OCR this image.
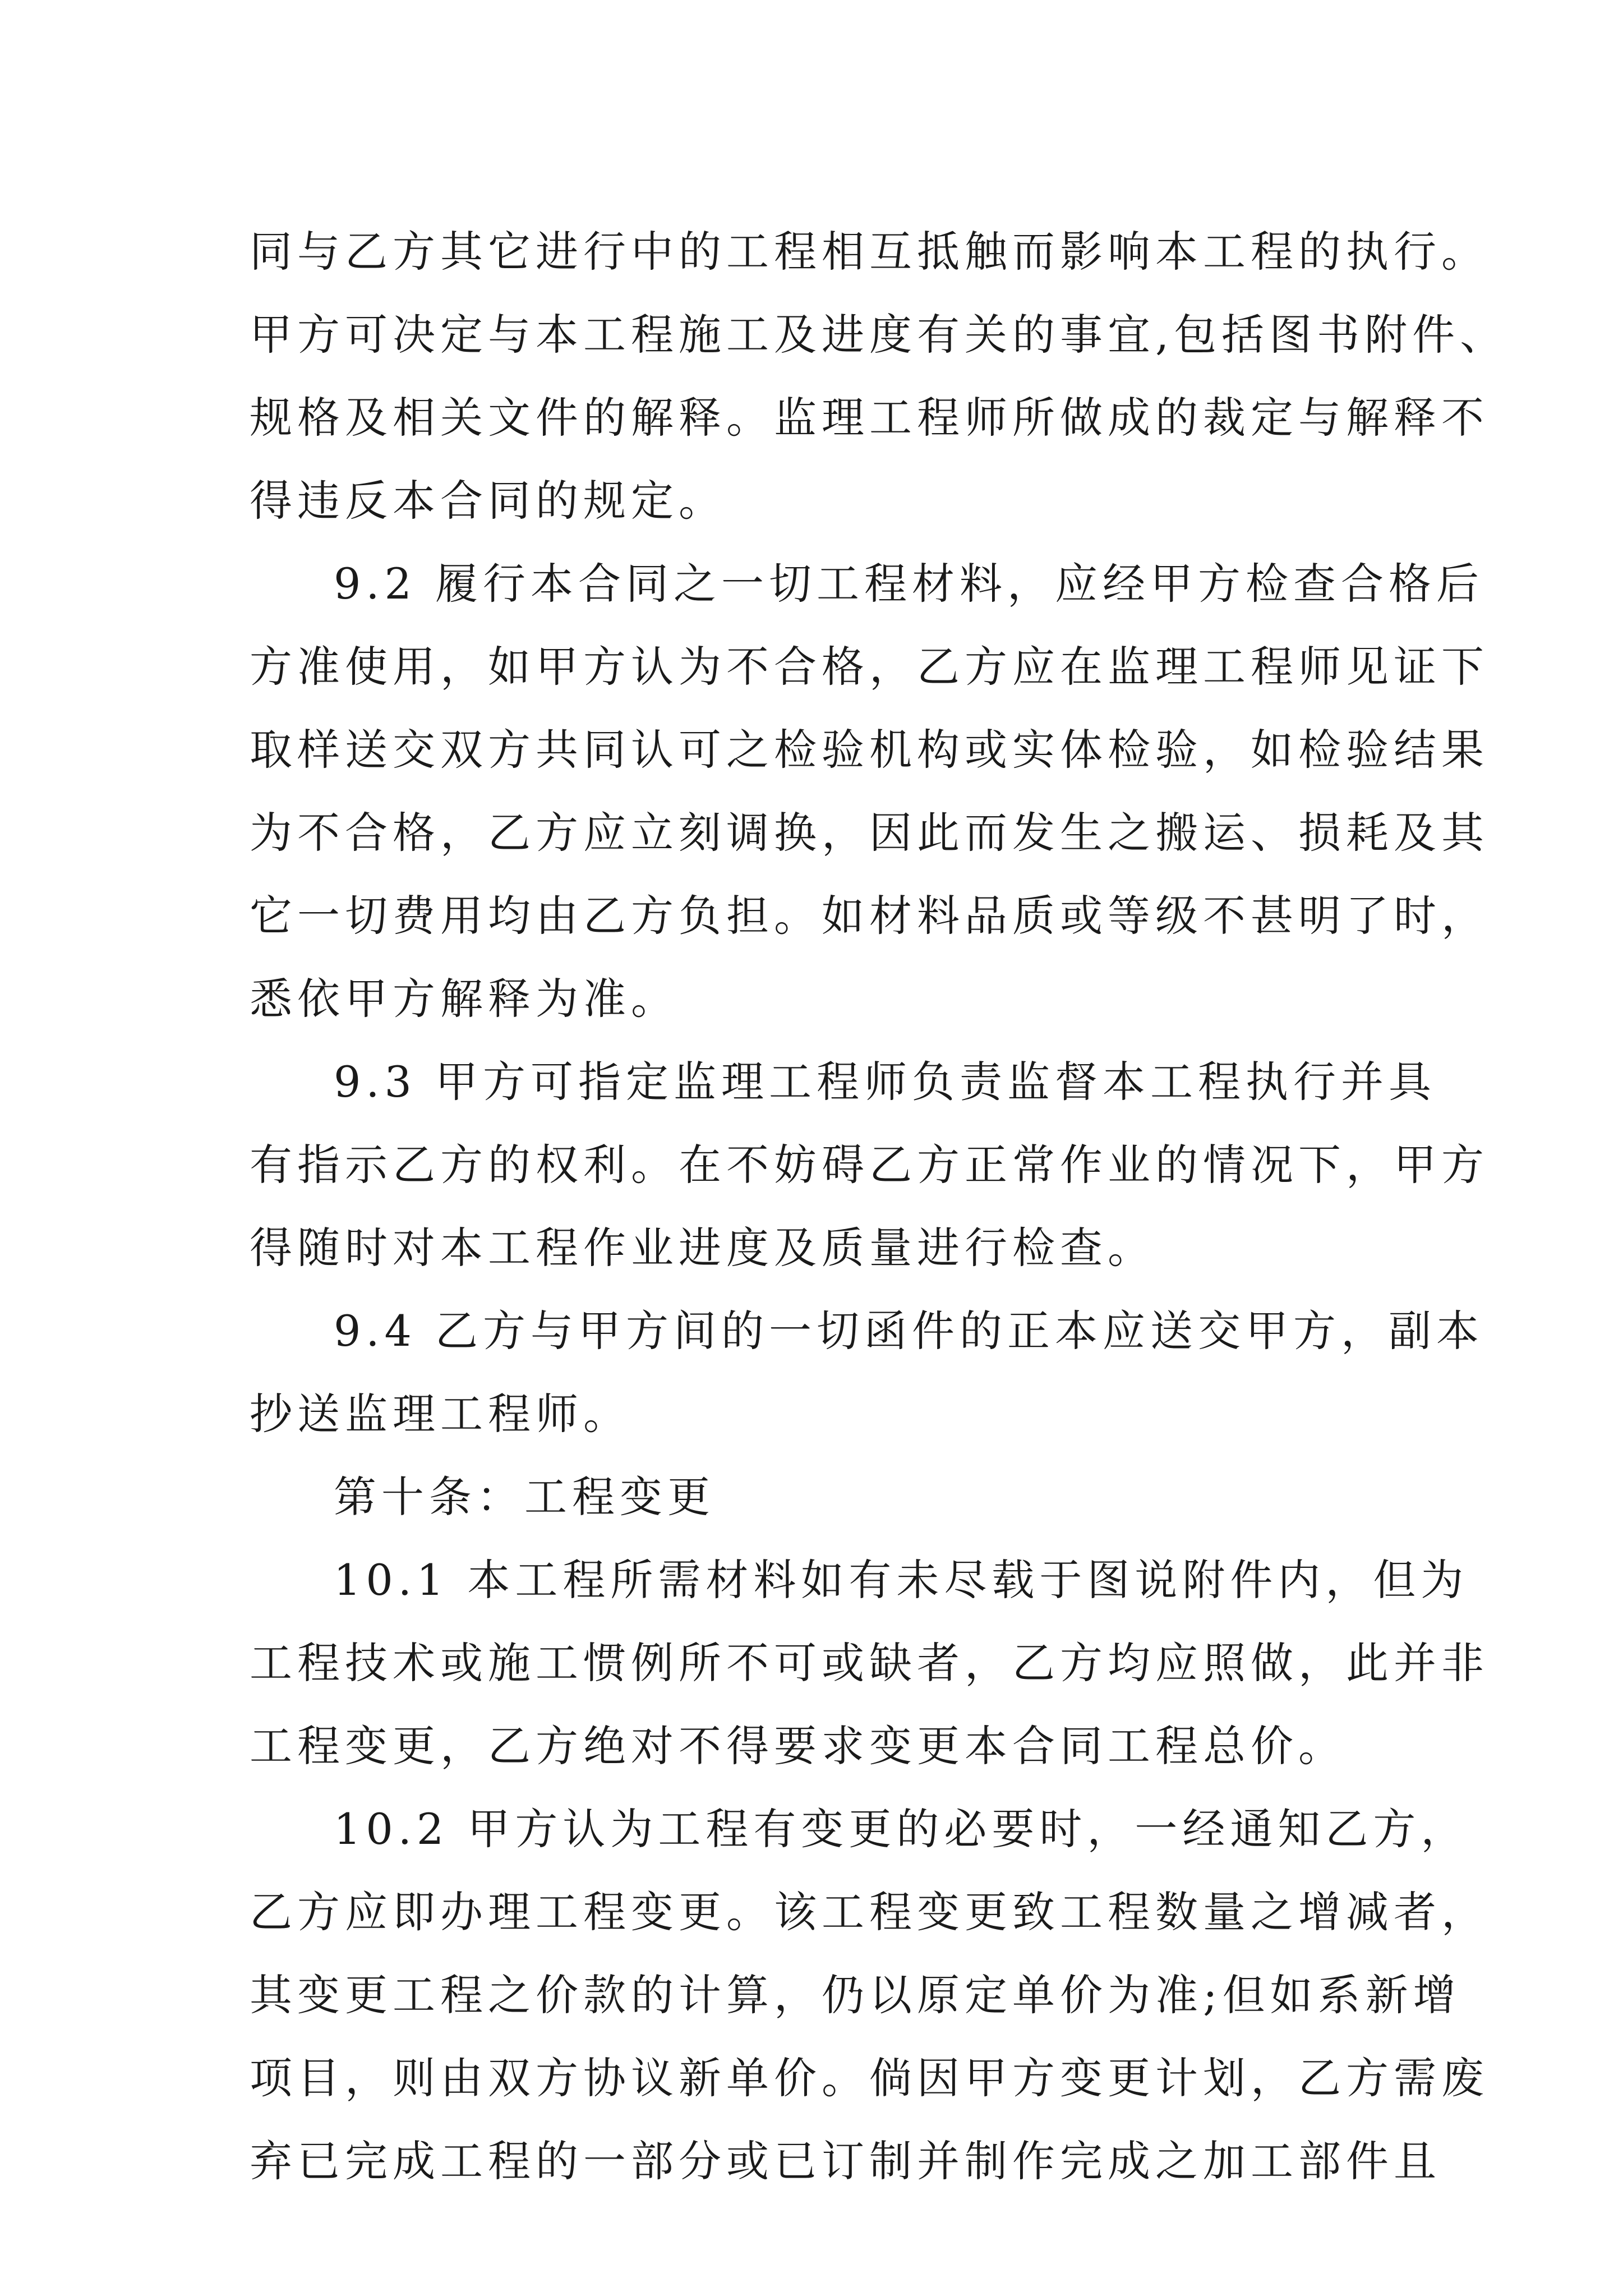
同与乙方其它进行中的工程相互抵触而影响本工程的执行。
甲方可决定与本工程施工及进度有关的事宜,包括图书附件、
规格及相关文件的解释。监理工程师所做成的裁定与解释不
得违反本合同的规定。
9.2 履行本合同之一切工程材料，应经甲方检查合格后
方准使用，如甲方认为不合格，乙方应在监理工程师见证下
取样送交双方共同认可之检验机构或实体检验，如检验结果
为不合格，乙方应立刻调换，因此而发生之搬运、损耗及其
它一切费用均由乙方负担。如材料品质或等级不甚明了时，
悉依甲方解释为准。
9.3 甲方可指定监理工程师负责监督本工程执行并具
有指示乙方的权利。在不妨碍乙方正常作业的情况下，甲方
得随时对本工程作业进度及质量进行检查。
9.4 乙方与甲方间的一切函件的正本应送交甲方，副本
抄送监理工程师。
第十条：工程变更
10.1 本工程所需材料如有未尽载于图说附件内，但为
工程技术或施工惯例所不可或缺者，乙方均应照做，此并非
工程变更，乙方绝对不得要求变更本合同工程总价。
10.2 甲方认为工程有变更的必要时，一经通知乙方，
乙方应即办理工程变更。该工程变更致工程数量之增减者，
其变更工程之价款的计算，仍以原定单价为准;但如系新增
项目，则由双方协议新单价。倘因甲方变更计划，乙方需废
弃已完成工程的一部分或已订制并制作完成之加工部件且
